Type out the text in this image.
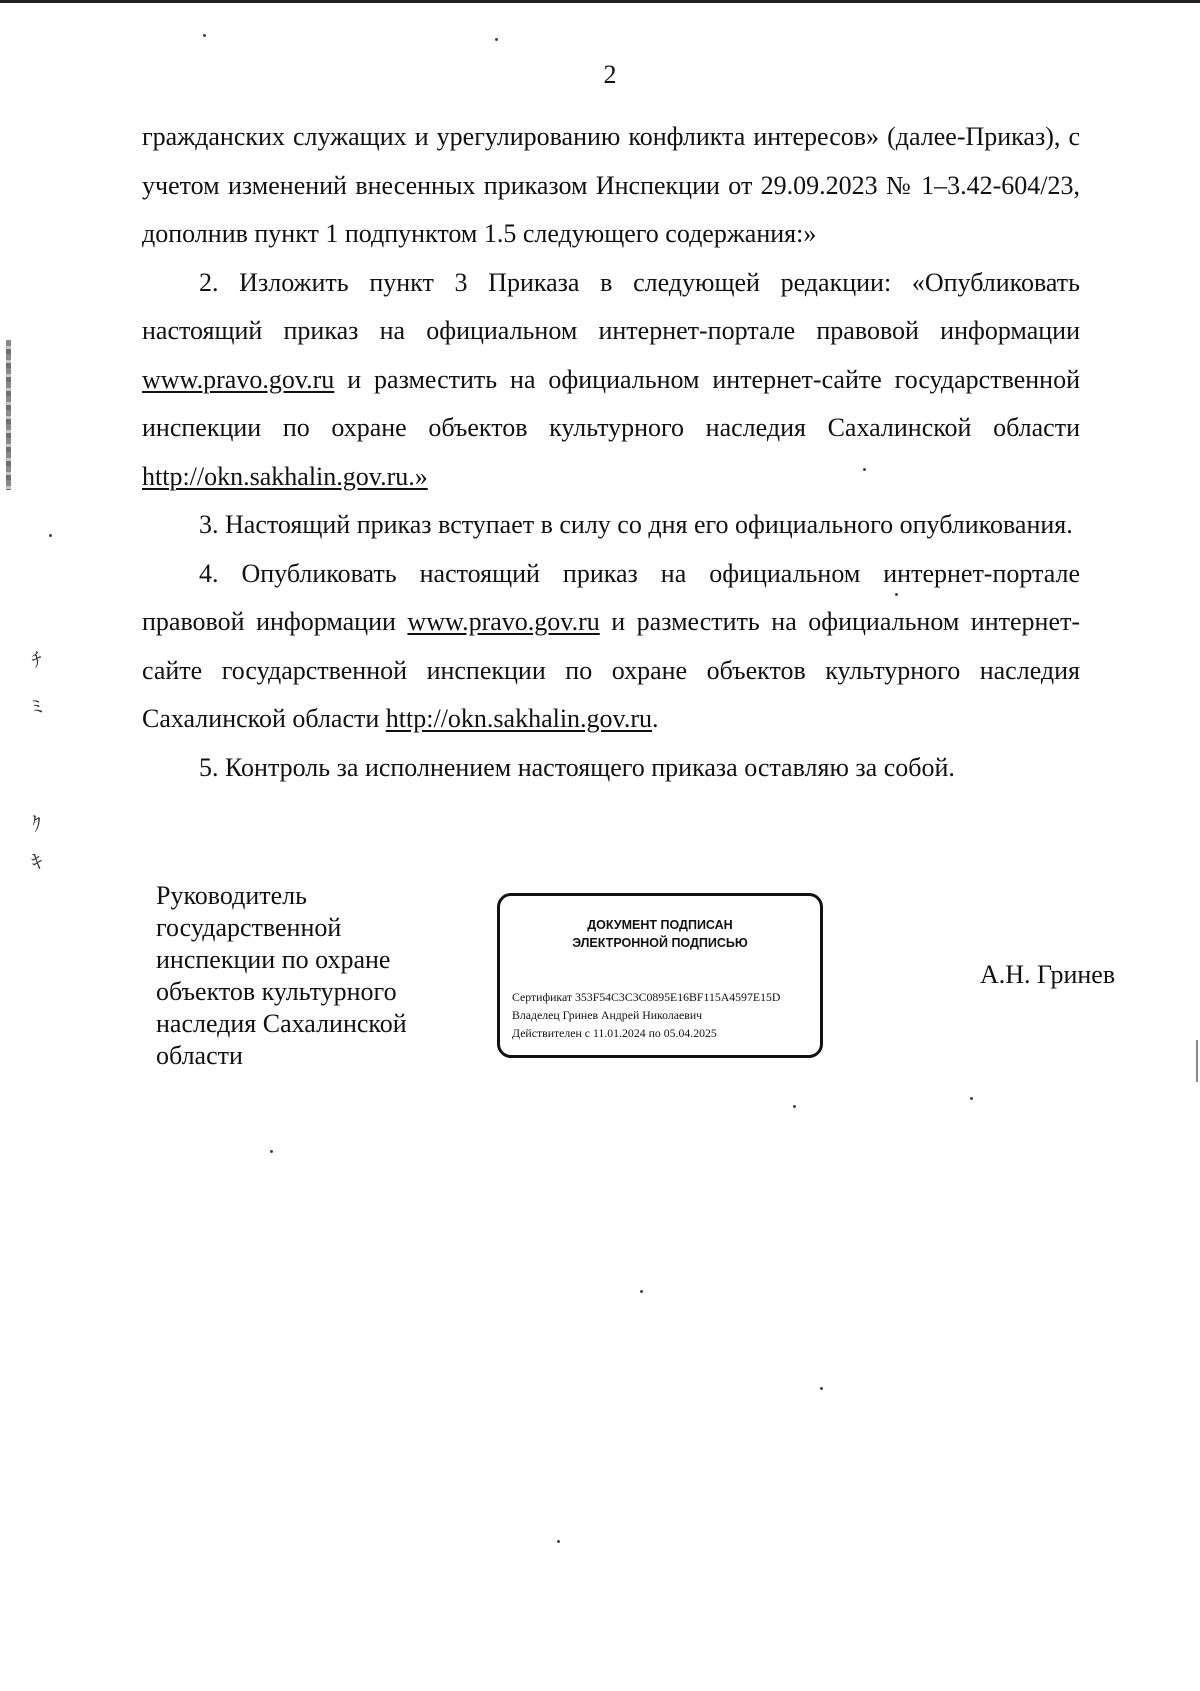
ﾁ
ﾐ
ｸ
ｷ
2

гражданских служащих и урегулированию конфликта интересов» (далее-Приказ), с учетом изменений внесенных приказом Инспекции от 29.09.2023 № 1–3.42-604/23, дополнив пункт 1 подпунктом 1.5 следующего содержания:»

2. Изложить пункт 3 Приказа в следующей редакции: «Опубликовать настоящий приказ на официальном интернет-портале правовой информации www.pravo.gov.ru и разместить на официальном интернет-сайте государственной инспекции по охране объектов культурного наследия Сахалинской области http://okn.sakhalin.gov.ru.»

3. Настоящий приказ вступает в силу со дня его официального опубликования.

4. Опубликовать настоящий приказ на официальном интернет-портале правовой информации www.pravo.gov.ru и разместить на официальном интернет-сайте государственной инспекции по охране объектов культурного наследия Сахалинской области http://okn.sakhalin.gov.ru.

5. Контроль за исполнением настоящего приказа оставляю за собой.

Руководитель
государственной
инспекции по охране
объектов культурного
наследия Сахалинской
области
ДОКУМЕНТ ПОДПИСАН
ЭЛЕКТРОННОЙ ПОДПИСЬЮ
Сертификат 353F54C3C3C0895E16BF115A4597E15D
Владелец Гринев Андрей Николаевич
Действителен с 11.01.2024 по 05.04.2025
А.Н. Гринев
